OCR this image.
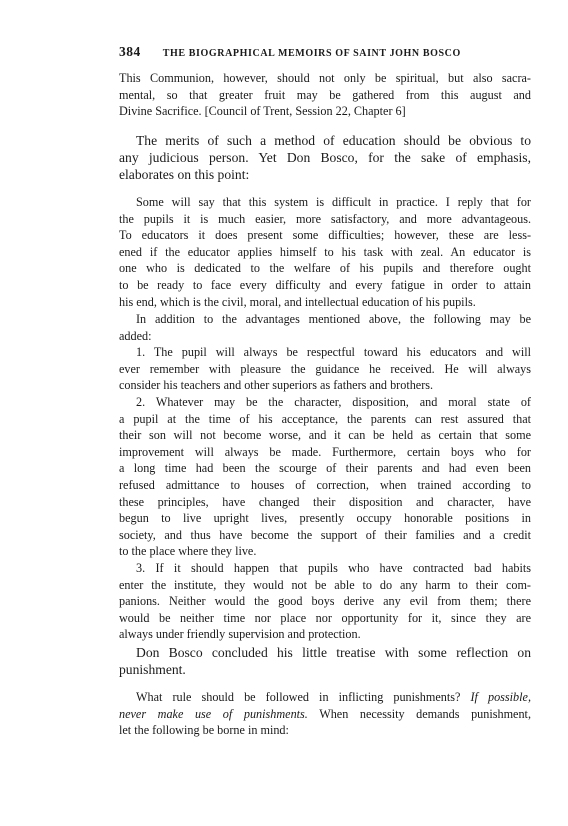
384 THE BIOGRAPHICAL MEMOIRS OF SAINT JOHN BOSCO
This Communion, however, should not only be spiritual, but also sacra-
mental, so that greater fruit may be gathered from this august and
Divine Sacrifice. [Council of Trent, Session 22, Chapter 6]
The merits of such a method of education should be obvious to
any judicious person. Yet Don Bosco, for the sake of emphasis,
elaborates on this point:
Some will say that this system is difficult in practice. I reply that for
the pupils it is much easier, more satisfactory, and more advantageous.
To educators it does present some difficulties; however, these are less-
ened if the educator applies himself to his task with zeal. An educator is
one who is dedicated to the welfare of his pupils and therefore ought
to be ready to face every difficulty and every fatigue in order to attain
his end, which is the civil, moral, and intellectual education of his pupils.
In addition to the advantages mentioned above, the following may be
added:
1. The pupil will always be respectful toward his educators and will
ever remember with pleasure the guidance he received. He will always
consider his teachers and other superiors as fathers and brothers.
2. Whatever may be the character, disposition, and moral state of
a pupil at the time of his acceptance, the parents can rest assured that
their son will not become worse, and it can be held as certain that some
improvement will always be made. Furthermore, certain boys who for
a long time had been the scourge of their parents and had even been
refused admittance to houses of correction, when trained according to
these principles, have changed their disposition and character, have
begun to live upright lives, presently occupy honorable positions in
society, and thus have become the support of their families and a credit
to the place where they live.
3. If it should happen that pupils who have contracted bad habits
enter the institute, they would not be able to do any harm to their com-
panions. Neither would the good boys derive any evil from them; there
would be neither time nor place nor opportunity for it, since they are
always under friendly supervision and protection.
Don Bosco concluded his little treatise with some reflection on
punishment.
What rule should be followed in inflicting punishments? If possible,
never make use of punishments. When necessity demands punishment,
let the following be borne in mind:
